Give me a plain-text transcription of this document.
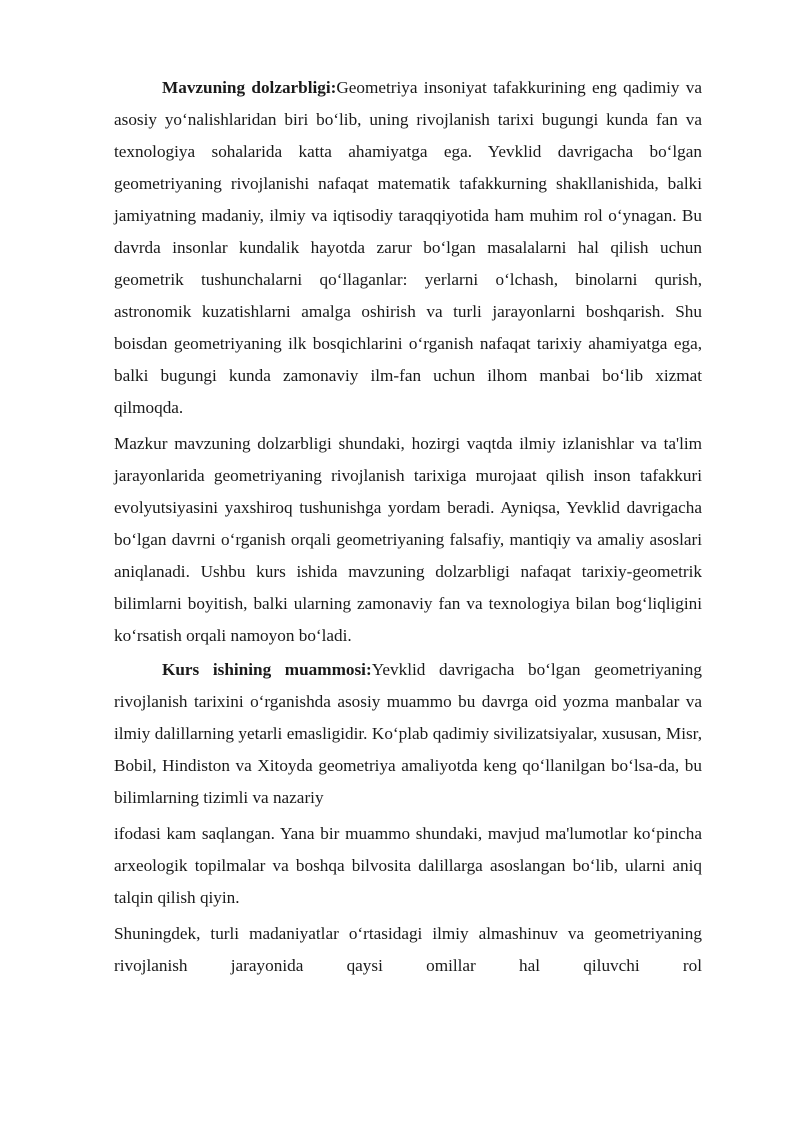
Mavzuning dolzarbligi:Geometriya insoniyat tafakkurining eng qadimiy va asosiy yo‘nalishlaridan biri bo‘lib, uning rivojlanish tarixi bugungi kunda fan va texnologiya sohalarida katta ahamiyatga ega. Yevklid davrigacha bo‘lgan geometriyaning rivojlanishi nafaqat matematik tafakkurning shakllanishida, balki jamiyatning madaniy, ilmiy va iqtisodiy taraqqiyotida ham muhim rol o‘ynagan. Bu davrda insonlar kundalik hayotda zarur bo‘lgan masalalarni hal qilish uchun geometrik tushunchalarni qo‘llaganlar: yerlarni o‘lchash, binolarni qurish, astronomik kuzatishlarni amalga oshirish va turli jarayonlarni boshqarish. Shu boisdan geometriyaning ilk bosqichlarini o‘rganish nafaqat tarixiy ahamiyatga ega, balki bugungi kunda zamonaviy ilm-fan uchun ilhom manbai bo‘lib xizmat qilmoqda.

Mazkur mavzuning dolzarbligi shundaki, hozirgi vaqtda ilmiy izlanishlar va ta'lim jarayonlarida geometriyaning rivojlanish tarixiga murojaat qilish inson tafakkuri evolyutsiyasini yaxshiroq tushunishga yordam beradi. Ayniqsa, Yevklid davrigacha bo‘lgan davrni o‘rganish orqali geometriyaning falsafiy, mantiqiy va amaliy asoslari aniqlanadi. Ushbu kurs ishida mavzuning dolzarbligi nafaqat tarixiy-geometrik bilimlarni boyitish, balki ularning zamonaviy fan va texnologiya bilan bog‘liqligini ko‘rsatish orqali namoyon bo‘ladi.

Kurs ishining muammosi:Yevklid davrigacha bo‘lgan geometriyaning rivojlanish tarixini o‘rganishda asosiy muammo bu davrga oid yozma manbalar va ilmiy dalillarning yetarli emasligidir. Ko‘plab qadimiy sivilizatsiyalar, xususan, Misr, Bobil, Hindiston va Xitoyda geometriya amaliyotda keng qo‘llanilgan bo‘lsa-da, bu bilimlarning tizimli va nazariy

ifodasi kam saqlangan. Yana bir muammo shundaki, mavjud ma'lumotlar ko‘pincha arxeologik topilmalar va boshqa bilvosita dalillarga asoslangan bo‘lib, ularni aniq talqin qilish qiyin.

Shuningdek, turli madaniyatlar o‘rtasidagi ilmiy almashinuv va geometriyaning rivojlanish jarayonida qaysi omillar hal qiluvchi rol
